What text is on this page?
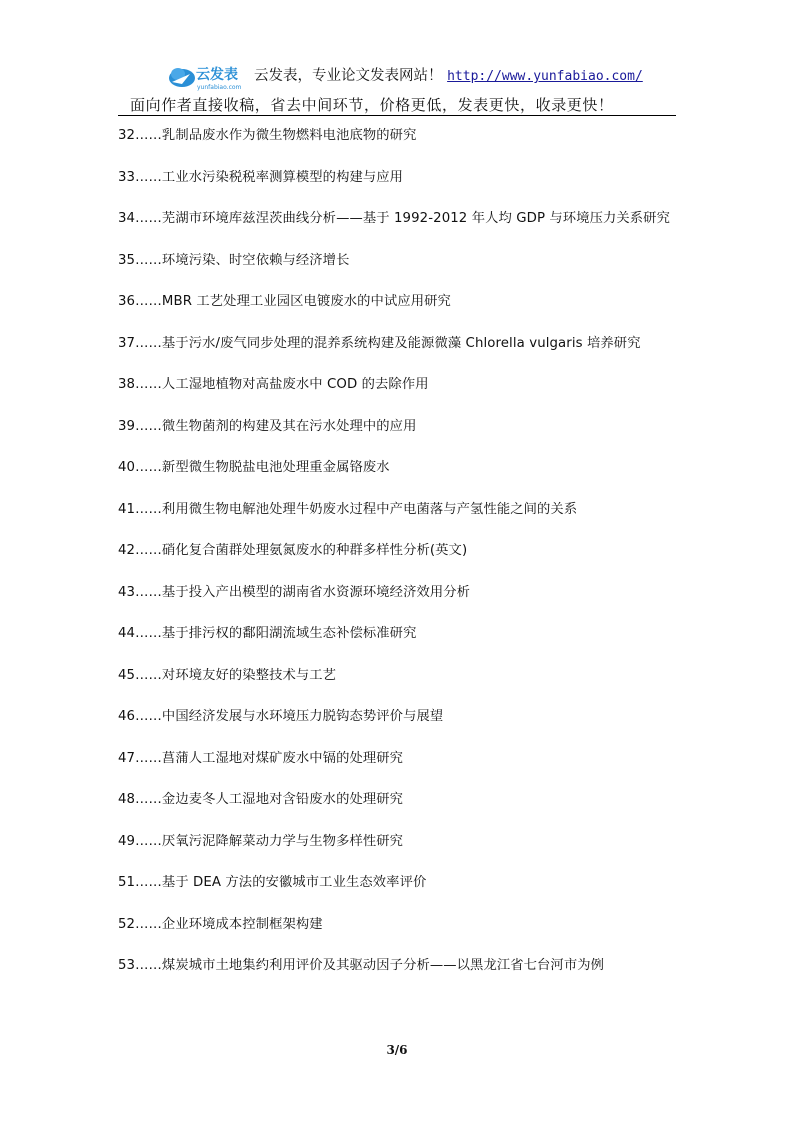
云发表
yunfabiao.com
云发表，专业论文发表网站！ http://www.yunfabiao.com/
面向作者直接收稿，省去中间环节，价格更低，发表更快，收录更快！
32……乳制品废水作为微生物燃料电池底物的研究
33……工业水污染税税率测算模型的构建与应用
34……芜湖市环境库兹涅茨曲线分析——基于 1992-2012 年人均 GDP 与环境压力关系研究
35……环境污染、时空依赖与经济增长
36……MBR 工艺处理工业园区电镀废水的中试应用研究
37……基于污水/废气同步处理的混养系统构建及能源微藻 Chlorella vulgaris 培养研究
38……人工湿地植物对高盐废水中 COD 的去除作用
39……微生物菌剂的构建及其在污水处理中的应用
40……新型微生物脱盐电池处理重金属铬废水
41……利用微生物电解池处理牛奶废水过程中产电菌落与产氢性能之间的关系
42……硝化复合菌群处理氨氮废水的种群多样性分析(英文)
43……基于投入产出模型的湖南省水资源环境经济效用分析
44……基于排污权的鄱阳湖流域生态补偿标准研究
45……对环境友好的染整技术与工艺
46……中国经济发展与水环境压力脱钩态势评价与展望
47……菖蒲人工湿地对煤矿废水中镉的处理研究
48……金边麦冬人工湿地对含铅废水的处理研究
49……厌氧污泥降解菜动力学与生物多样性研究
51……基于 DEA 方法的安徽城市工业生态效率评价
52……企业环境成本控制框架构建
53……煤炭城市土地集约利用评价及其驱动因子分析——以黑龙江省七台河市为例
3/6
